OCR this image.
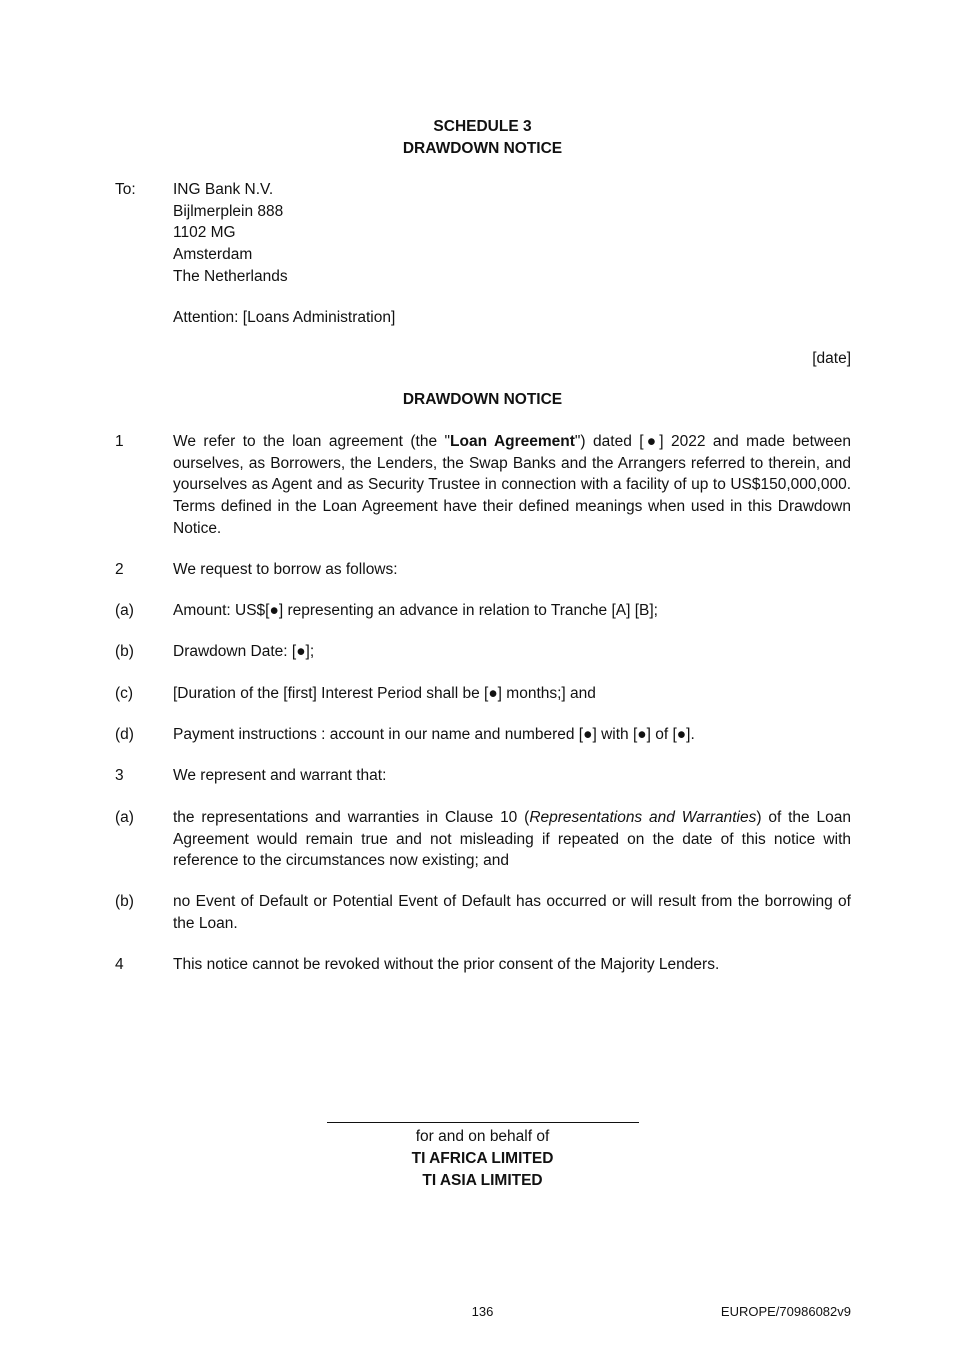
SCHEDULE 3
DRAWDOWN NOTICE
To:	ING Bank N.V.
Bijlmerplein 888
1102 MG
Amsterdam
The Netherlands
Attention: [Loans Administration]
[date]
DRAWDOWN NOTICE
1	We refer to the loan agreement (the "Loan Agreement") dated [●] 2022 and made between ourselves, as Borrowers, the Lenders, the Swap Banks and the Arrangers referred to therein, and yourselves as Agent and as Security Trustee in connection with a facility of up to US$150,000,000. Terms defined in the Loan Agreement have their defined meanings when used in this Drawdown Notice.
2	We request to borrow as follows:
(a)	Amount: US$[●] representing an advance in relation to Tranche [A] [B];
(b)	Drawdown Date: [●];
(c)	[Duration of the [first] Interest Period shall be [●] months;] and
(d)	Payment instructions : account in our name and numbered [●] with [●] of [●].
3	We represent and warrant that:
(a)	the representations and warranties in Clause 10 (Representations and Warranties) of the Loan Agreement would remain true and not misleading if repeated on the date of this notice with reference to the circumstances now existing; and
(b)	no Event of Default or Potential Event of Default has occurred or will result from the borrowing of the Loan.
4	This notice cannot be revoked without the prior consent of the Majority Lenders.
for and on behalf of
TI AFRICA LIMITED
TI ASIA LIMITED
136	EUROPE/70986082v9
